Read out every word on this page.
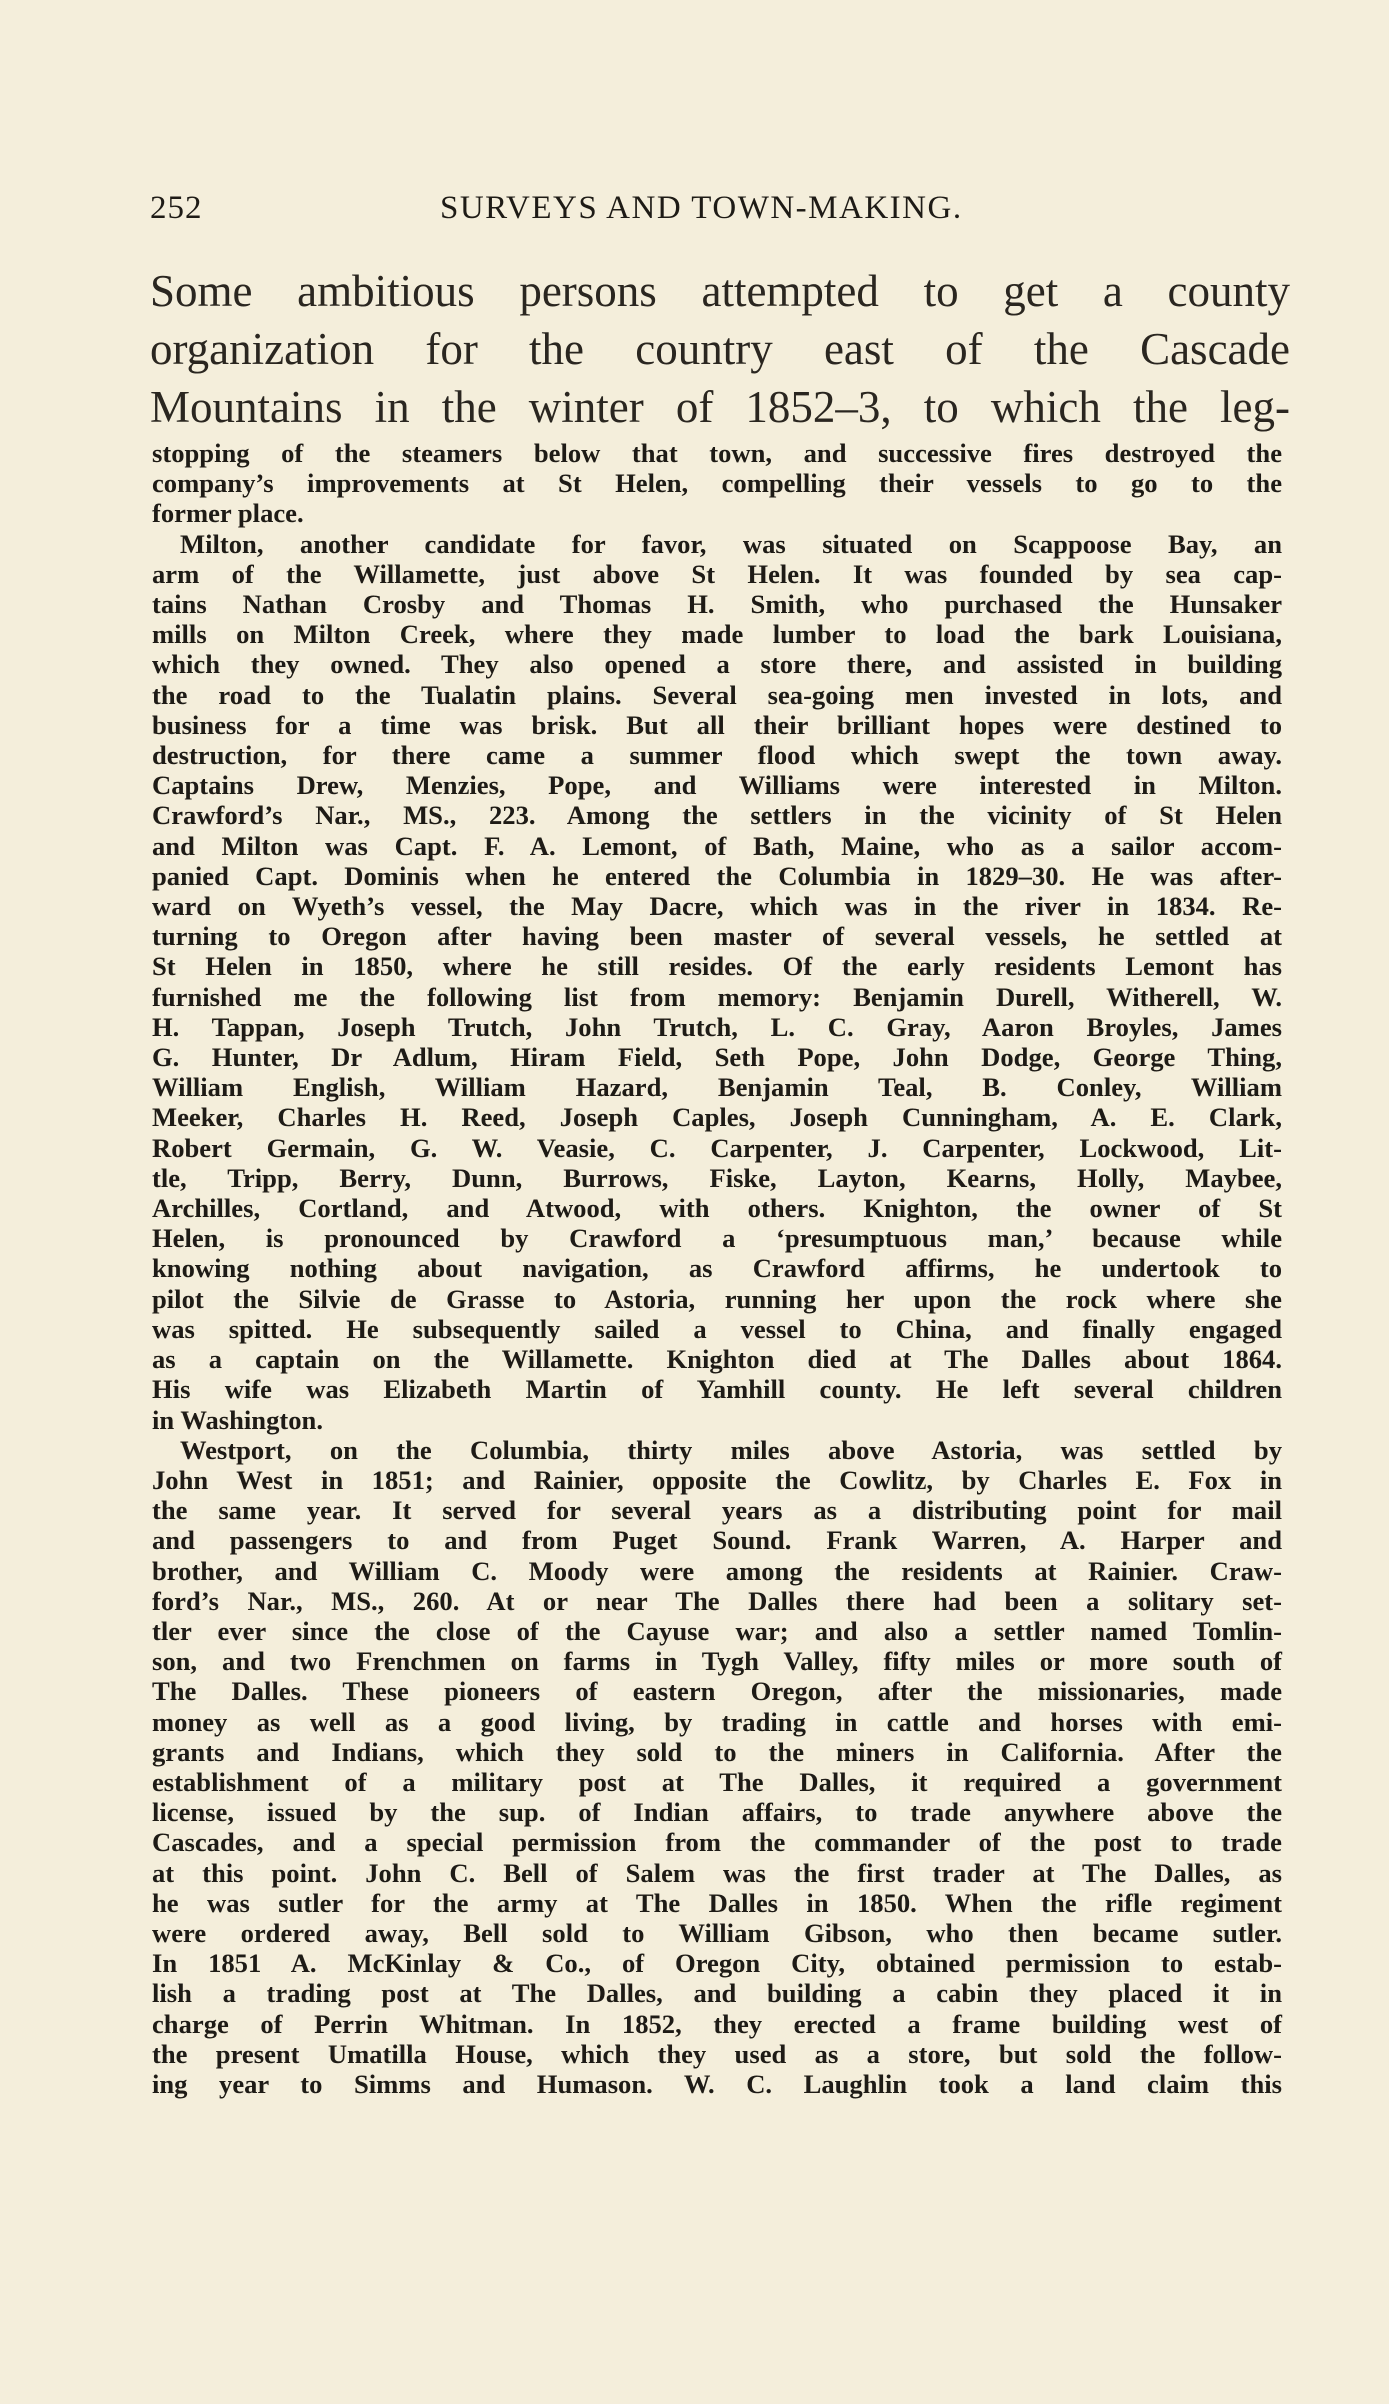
252	SURVEYS AND TOWN-MAKING.
Some ambitious persons attempted to get a county
organization for the country east of the Cascade
Mountains in the winter of 1852–3, to which the leg-
stopping of the steamers below that town, and successive fires destroyed the
company’s improvements at St Helen, compelling their vessels to go to the
former place.
Milton, another candidate for favor, was situated on Scappoose Bay, an
arm of the Willamette, just above St Helen. It was founded by sea cap-
tains Nathan Crosby and Thomas H. Smith, who purchased the Hunsaker
mills on Milton Creek, where they made lumber to load the bark Louisiana,
which they owned. They also opened a store there, and assisted in building
the road to the Tualatin plains. Several sea-going men invested in lots, and
business for a time was brisk. But all their brilliant hopes were destined to
destruction, for there came a summer flood which swept the town away.
Captains Drew, Menzies, Pope, and Williams were interested in Milton.
Crawford’s Nar., MS., 223. Among the settlers in the vicinity of St Helen
and Milton was Capt. F. A. Lemont, of Bath, Maine, who as a sailor accom-
panied Capt. Dominis when he entered the Columbia in 1829–30. He was after-
ward on Wyeth’s vessel, the May Dacre, which was in the river in 1834. Re-
turning to Oregon after having been master of several vessels, he settled at
St Helen in 1850, where he still resides. Of the early residents Lemont has
furnished me the following list from memory: Benjamin Durell, Witherell, W.
H. Tappan, Joseph Trutch, John Trutch, L. C. Gray, Aaron Broyles, James
G. Hunter, Dr Adlum, Hiram Field, Seth Pope, John Dodge, George Thing,
William English, William Hazard, Benjamin Teal, B. Conley, William
Meeker, Charles H. Reed, Joseph Caples, Joseph Cunningham, A. E. Clark,
Robert Germain, G. W. Veasie, C. Carpenter, J. Carpenter, Lockwood, Lit-
tle, Tripp, Berry, Dunn, Burrows, Fiske, Layton, Kearns, Holly, Maybee,
Archilles, Cortland, and Atwood, with others. Knighton, the owner of St
Helen, is pronounced by Crawford a ‘presumptuous man,’ because while
knowing nothing about navigation, as Crawford affirms, he undertook to
pilot the Silvie de Grasse to Astoria, running her upon the rock where she
was spitted. He subsequently sailed a vessel to China, and finally engaged
as a captain on the Willamette. Knighton died at The Dalles about 1864.
His wife was Elizabeth Martin of Yamhill county. He left several children
in Washington.
Westport, on the Columbia, thirty miles above Astoria, was settled by
John West in 1851; and Rainier, opposite the Cowlitz, by Charles E. Fox in
the same year. It served for several years as a distributing point for mail
and passengers to and from Puget Sound. Frank Warren, A. Harper and
brother, and William C. Moody were among the residents at Rainier. Craw-
ford’s Nar., MS., 260. At or near The Dalles there had been a solitary set-
tler ever since the close of the Cayuse war; and also a settler named Tomlin-
son, and two Frenchmen on farms in Tygh Valley, fifty miles or more south of
The Dalles. These pioneers of eastern Oregon, after the missionaries, made
money as well as a good living, by trading in cattle and horses with emi-
grants and Indians, which they sold to the miners in California. After the
establishment of a military post at The Dalles, it required a government
license, issued by the sup. of Indian affairs, to trade anywhere above the
Cascades, and a special permission from the commander of the post to trade
at this point. John C. Bell of Salem was the first trader at The Dalles, as
he was sutler for the army at The Dalles in 1850. When the rifle regiment
were ordered away, Bell sold to William Gibson, who then became sutler.
In 1851 A. McKinlay & Co., of Oregon City, obtained permission to estab-
lish a trading post at The Dalles, and building a cabin they placed it in
charge of Perrin Whitman. In 1852, they erected a frame building west of
the present Umatilla House, which they used as a store, but sold the follow-
ing year to Simms and Humason. W. C. Laughlin took a land claim this
